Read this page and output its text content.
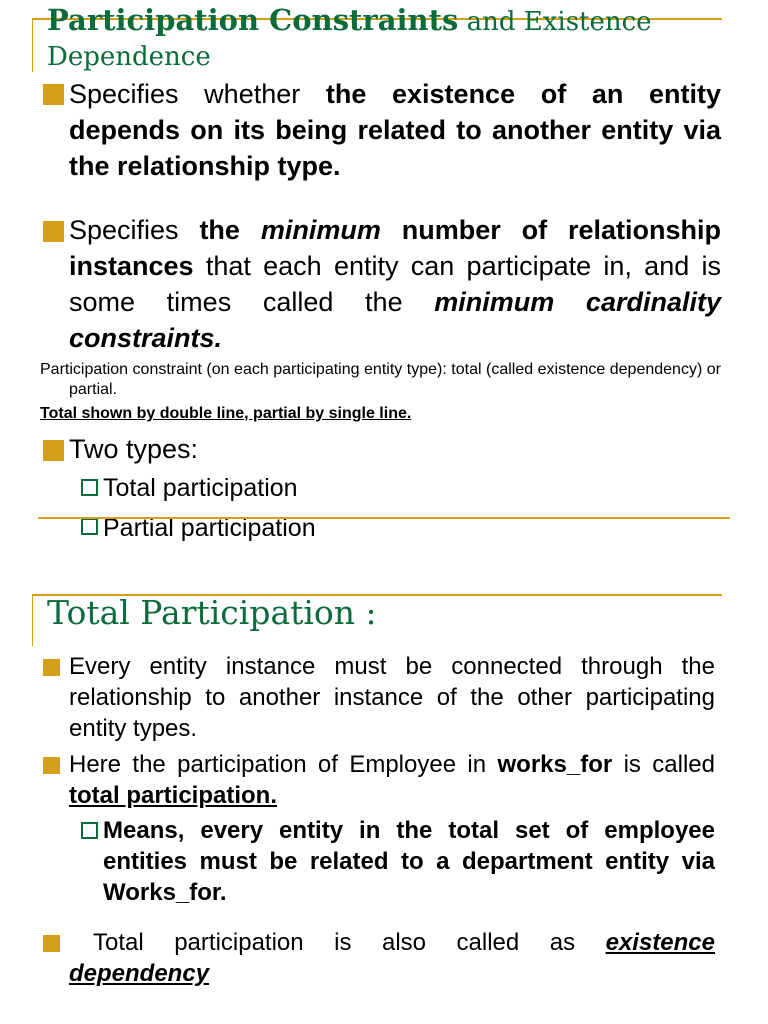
Participation Constraints and Existence
Dependence
Specifies whether the existence of an entity depends on its being related to another entity via the relationship type.
Specifies the minimum number of relationship instances that each entity can participate in, and is some times called the minimum cardinality constraints.
Participation constraint (on each participating entity type): total (called existence dependency) or partial.
Total shown by double line, partial by single line.
Two types:
Total participation
Partial participation
Total Participation :
Every entity instance must be connected through the relationship to another instance of the other participating entity types.
Here the participation of Employee in works_for is called total participation.
Means, every entity in the total set of employee entities must be related to a department entity via Works_for.
Total participation is also called as existence dependency
